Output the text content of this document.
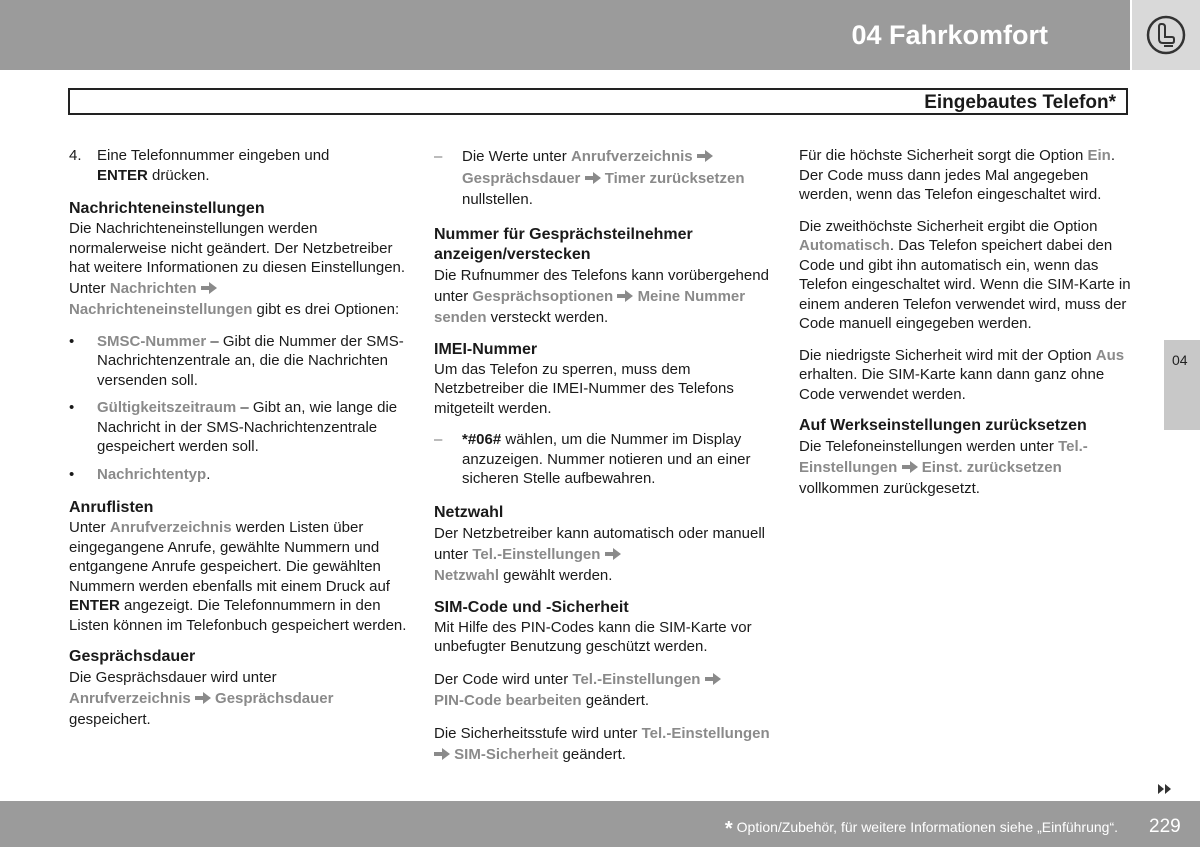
04 Fahrkomfort
Eingebautes Telefon*
4. Eine Telefonnummer eingeben und
ENTER drücken.
Nachrichteneinstellungen

Die Nachrichteneinstellungen werden normalerweise nicht geändert. Der Netzbetreiber hat weitere Informationen zu diesen Einstellungen.

Unter Nachrichten

Nachrichteneinstellungen gibt es drei Optionen:

• SMSC-Nummer – Gibt die Nummer der SMS-Nachrichtenzentrale an, die die Nachrichten versenden soll.
• Gültigkeitszeitraum – Gibt an, wie lange die Nachricht in der SMS-Nachrichtenzentrale gespeichert werden soll.
• Nachrichtentyp.
Anruflisten

Unter Anrufverzeichnis werden Listen über eingegangene Anrufe, gewählte Nummern und entgangene Anrufe gespeichert. Die gewählten Nummern werden ebenfalls mit einem Druck auf ENTER angezeigt. Die Telefonnummern in den Listen können im Telefonbuch gespeichert werden.

Gesprächsdauer

Die Gesprächsdauer wird unter
Anrufverzeichnis Gesprächsdauer
gespeichert.

– Die Werte unter Anrufverzeichnis

Gesprächsdauer Timer zurücksetzen nullstellen.
Nummer für Gesprächsteilnehmer anzeigen/verstecken

Die Rufnummer des Telefons kann vorübergehend unter Gesprächsoptionen Meine Nummer senden versteckt werden.

IMEI-Nummer

Um das Telefon zu sperren, muss dem Netzbetreiber die IMEI-Nummer des Telefons mitgeteilt werden.

– *#06# wählen, um die Nummer im Display anzuzeigen. Nummer notieren und an einer sicheren Stelle aufbewahren.
Netzwahl

Der Netzbetreiber kann automatisch oder manuell unter Tel.-Einstellungen

Netzwahl gewählt werden.

SIM-Code und -Sicherheit

Mit Hilfe des PIN-Codes kann die SIM-Karte vor unbefugter Benutzung geschützt werden.

Der Code wird unter Tel.-Einstellungen

PIN-Code bearbeiten geändert.

Die Sicherheitsstufe wird unter Tel.-Einstellungen
SIM-Sicherheit geändert.

Für die höchste Sicherheit sorgt die Option Ein. Der Code muss dann jedes Mal angegeben werden, wenn das Telefon eingeschaltet wird.

Die zweithöchste Sicherheit ergibt die Option Automatisch. Das Telefon speichert dabei den Code und gibt ihn automatisch ein, wenn das Telefon eingeschaltet wird. Wenn die SIM-Karte in einem anderen Telefon verwendet wird, muss der Code manuell eingegeben werden.

Die niedrigste Sicherheit wird mit der Option Aus erhalten. Die SIM-Karte kann dann ganz ohne Code verwendet werden.

Auf Werkseinstellungen zurücksetzen

Die Telefoneinstellungen werden unter Tel.-Einstellungen Einst. zurücksetzen vollkommen zurückgesetzt.

04
* Option/Zubehör, für weitere Informationen siehe „Einführung“. 229
